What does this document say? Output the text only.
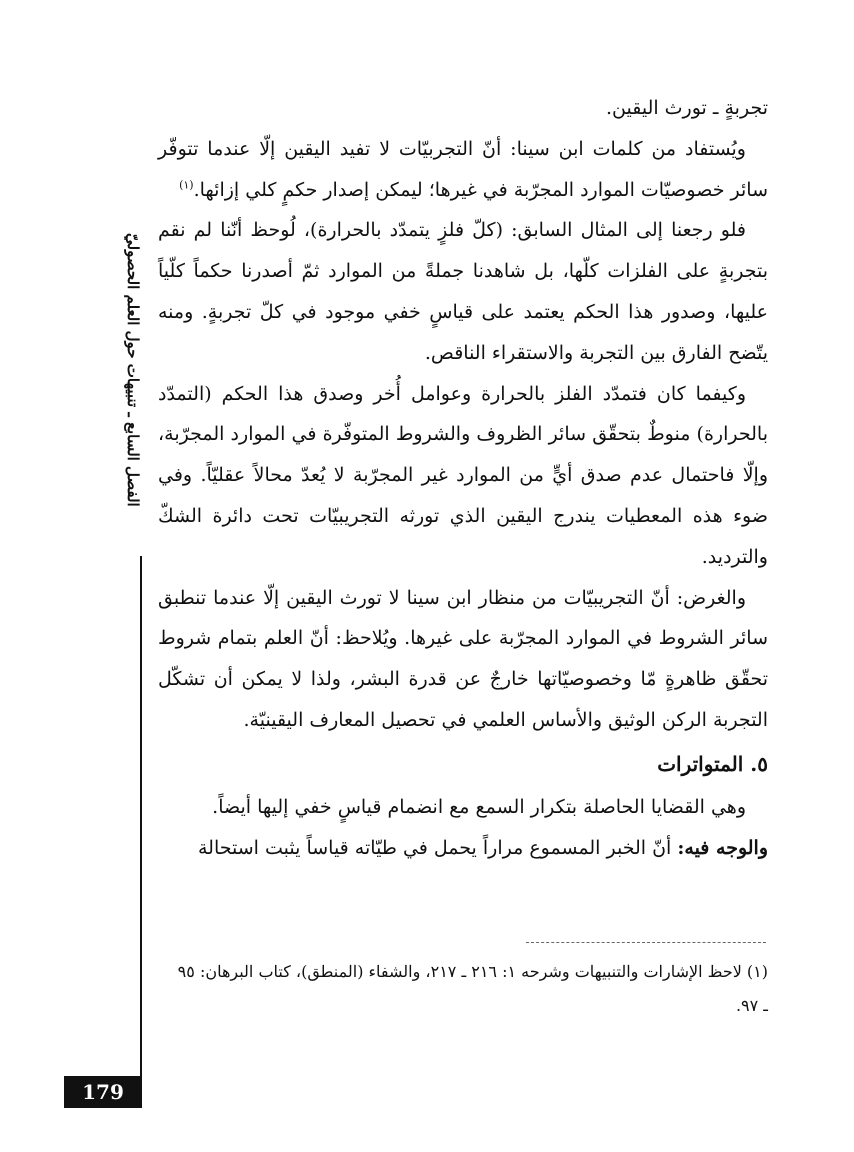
الفصل السابع ـ تنبيهات حول العلم الحصوليّ

تجربةٍ ـ تورث اليقين.

ويُستفاد من كلمات ابن سينا: أنّ التجربيّات لا تفيد اليقين إلّا عندما تتوفّر سائر خصوصيّات الموارد المجرّبة في غيرها؛ ليمكن إصدار حكمٍ كلي إزائها.$^{(١)}$

فلو رجعنا إلى المثال السابق: (كلّ فلزٍ يتمدّد بالحرارة)، لُوحظ أنّنا لم نقم بتجربةٍ على الفلزات كلّها، بل شاهدنا جملةً من الموارد ثمّ أصدرنا حكماً كلّياً عليها، وصدور هذا الحكم يعتمد على قياسٍ خفي موجود في كلّ تجربةٍ. ومنه يتّضح الفارق بين التجربة والاستقراء الناقص.

وكيفما كان فتمدّد الفلز بالحرارة وعوامل أُخر وصدق هذا الحكم (التمدّد بالحرارة) منوطٌ بتحقّق سائر الظروف والشروط المتوفّرة في الموارد المجرّبة، وإلّا فاحتمال عدم صدق أيٍّ من الموارد غير المجرّبة لا يُعدّ محالاً عقليّاً. وفي ضوء هذه المعطيات يندرج اليقين الذي تورثه التجريبيّات تحت دائرة الشكّ والترديد.

والغرض: أنّ التجريبيّات من منظار ابن سينا لا تورث اليقين إلّا عندما تنطبق سائر الشروط في الموارد المجرّبة على غيرها. ويُلاحظ: أنّ العلم بتمام شروط تحقّق ظاهرةٍ مّا وخصوصيّاتها خارجٌ عن قدرة البشر، ولذا لا يمكن أن تشكّل التجربة الركن الوثيق والأساس العلمي في تحصيل المعارف اليقينيّة.

٥. المتواترات

وهي القضايا الحاصلة بتكرار السمع مع انضمام قياسٍ خفي إليها أيضاً.

والوجه فيه: أنّ الخبر المسموع مراراً يحمل في طيّاته قياساً يثبت استحالة

(١) لاحظ الإشارات والتنبيهات وشرحه ١: ٢١٦ ـ ٢١٧، والشفاء (المنطق)، كتاب البرهان: ٩٥

ـ ٩٧.

179
